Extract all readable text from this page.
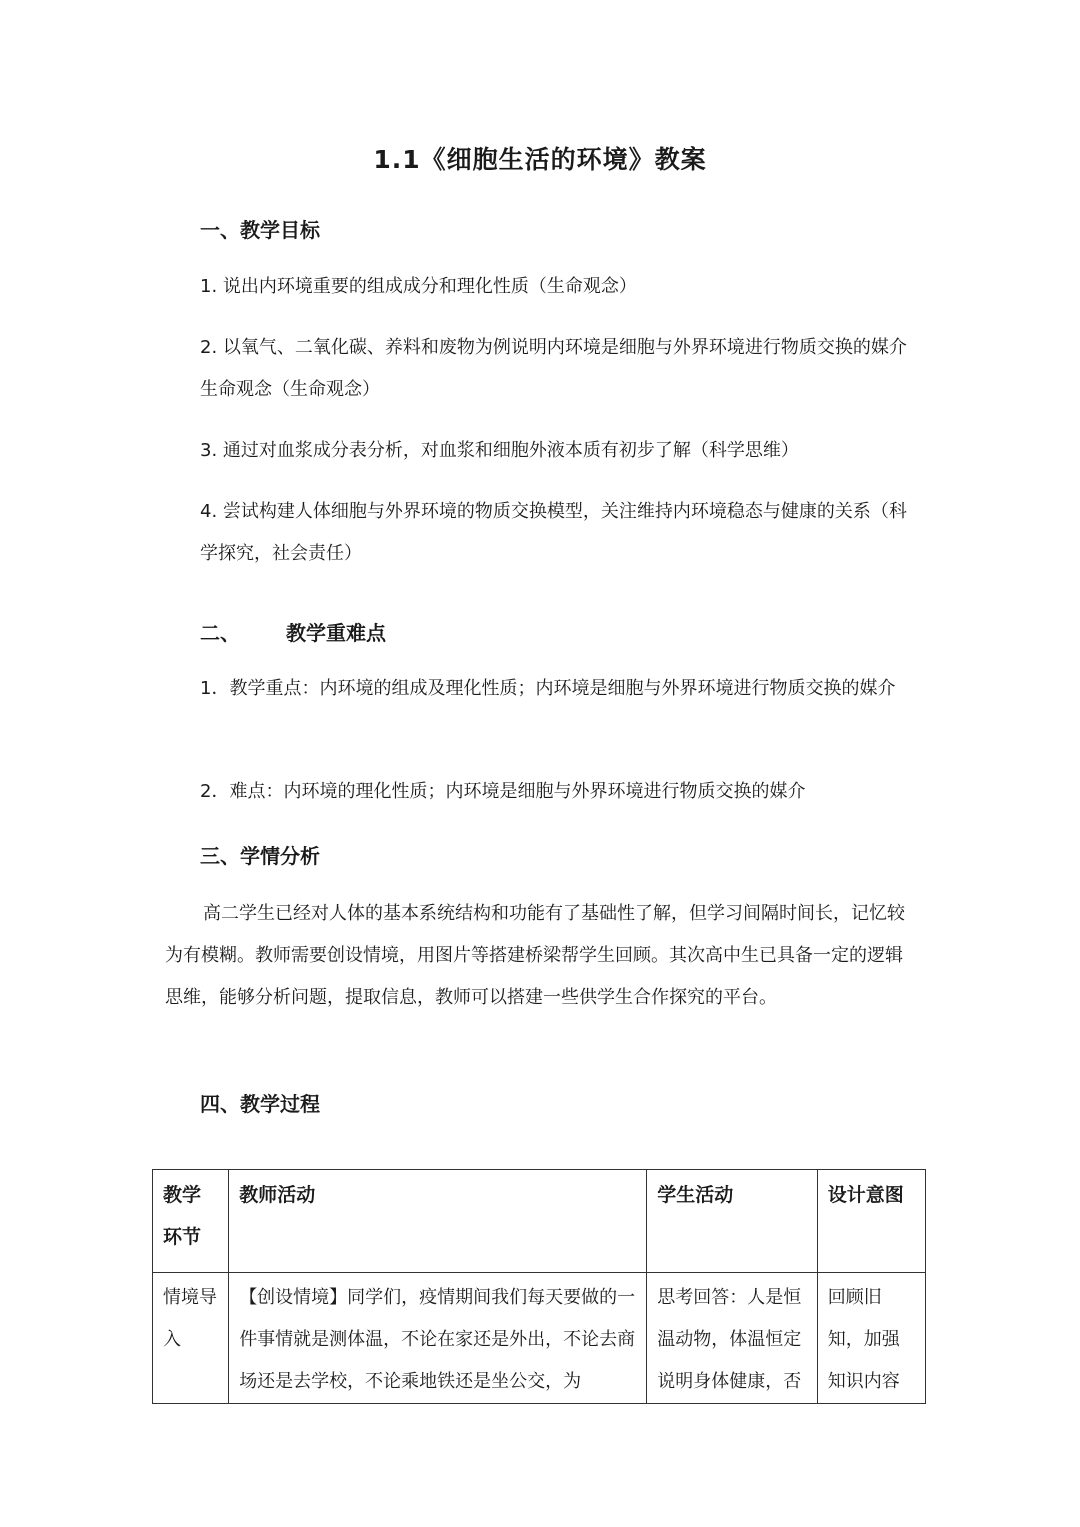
1.1《细胞生活的环境》教案
一、教学目标
1. 说出内环境重要的组成成分和理化性质（生命观念）
2. 以氧气、二氧化碳、养料和废物为例说明内环境是细胞与外界环境进行物质交换的媒介生命观念（生命观念）
3. 通过对血浆成分表分析，对血浆和细胞外液本质有初步了解（科学思维）
4. 尝试构建人体细胞与外界环境的物质交换模型，关注维持内环境稳态与健康的关系（科学探究，社会责任）
二、 教学重难点
1．教学重点：内环境的组成及理化性质；内环境是细胞与外界环境进行物质交换的媒介
2．难点：内环境的理化性质；内环境是细胞与外界环境进行物质交换的媒介
三、学情分析
高二学生已经对人体的基本系统结构和功能有了基础性了解，但学习间隔时间长，记忆较为有模糊。教师需要创设情境，用图片等搭建桥梁帮学生回顾。其次高中生已具备一定的逻辑思维，能够分析问题，提取信息，教师可以搭建一些供学生合作探究的平台。
四、教学过程
教学环节	教师活动	学生活动	设计意图
情境导入	【创设情境】同学们，疫情期间我们每天要做的一件事情就是测体温，不论在家还是外出，不论去商场还是去学校，不论乘地铁还是坐公交，为	思考回答：人是恒温动物，体温恒定说明身体健康，否	回顾旧知，加强知识内容
